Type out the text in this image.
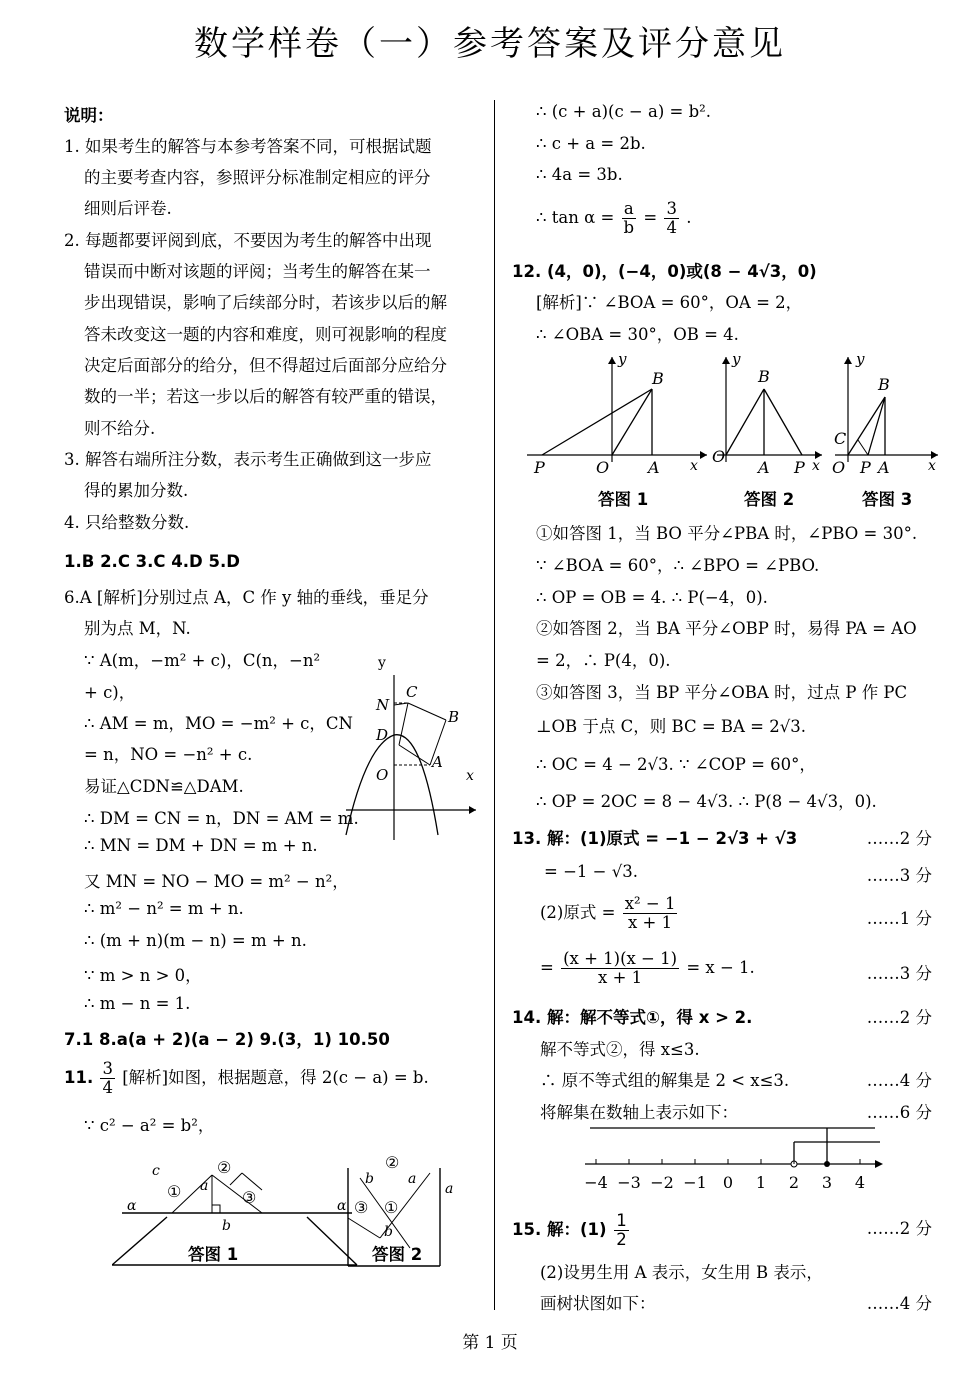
数学样卷（一）参考答案及评分意见
说明：
1. 如果考生的解答与本参考答案不同，可根据试题
的主要考查内容，参照评分标准制定相应的评分
细则后评卷.
2. 每题都要评阅到底，不要因为考生的解答中出现
错误而中断对该题的评阅；当考生的解答在某一
步出现错误，影响了后续部分时，若该步以后的解
答未改变这一题的内容和难度，则可视影响的程度
决定后面部分的给分，但不得超过后面部分应给分
数的一半；若这一步以后的解答有较严重的错误，
则不给分.
3. 解答右端所注分数，表示考生正确做到这一步应
得的累加分数.
4. 只给整数分数.
1.B 2.C 3.C 4.D 5.D
6.A [解析]分别过点 A，C 作 y 轴的垂线，垂足分
别为点 M，N.
∵ A(m，−m² + c)，C(n，−n²
+ c)，
∴ AM = m，MO = −m² + c，CN
= n，NO = −n² + c.
易证△CDN≌△DAM.
∴ DM = CN = n，DN = AM = m.
∴ MN = DM + DN = m + n.
又 MN = NO − MO = m² − n²，
∴ m² − n² = m + n.
∴ (m + n)(m − n) = m + n.
∵ m > n > 0，
∴ m − n = 1.
y
N
C
B
D
A
O	x
7.1 8.a(a + 2)(a − 2) 9.(3，1) 10.50
11. $\frac{3}{4}$ [解析]如图，根据题意，得 2(c − a) = b.
∵ c² − a² = b²，
c
① a
②
③
α
b
α
答图 1
b
②
a
③ ①
a
b
答图 2
∴ (c + a)(c − a) = b².
∴ c + a = 2b.
∴ 4a = 3b.
∴ $\tan \alpha = \frac{a}{b} = \frac{3}{4}$ .
12. (4，0)，(−4，0)或(8 − 4√3，0)
[解析]∵ ∠BOA = 60°，OA = 2，
∴ ∠OBA = 30°，OB = 4.
y
B
P	O A x
答图 1
y
B
O
A P x
答图 2
y
B
C
O P A	x
答图 3
①如答图 1，当 BO 平分∠PBA 时，∠PBO = 30°.
∵ ∠BOA = 60°，∴ ∠BPO = ∠PBO.
∴ OP = OB = 4. ∴ P(−4，0).
②如答图 2，当 BA 平分∠OBP 时，易得 PA = AO
= 2，∴ P(4，0).
③如答图 3，当 BP 平分∠OBA 时，过点 P 作 PC
⊥OB 于点 C，则 BC = BA = 2√3.
∴ OC = 4 − 2√3. ∵ ∠COP = 60°，
∴ OP = 2OC = 8 − 4√3. ∴ P(8 − 4√3，0).
13. 解：(1)原式 = −1 − 2√3 + √3	……2 分
= −1 − √3.	……3 分
(2)原式 = $\frac{\text{x² − 1}}{x + 1}$	……1 分
= $\frac{(x + 1)(x - 1)}{x + 1} = x - 1$.	……3 分
14. 解：解不等式①，得 x > 2.	……2 分
解不等式②，得 x≤3.
∴ 原不等式组的解集是 2 < x≤3.	……4 分
将解集在数轴上表示如下：	……6 分
−4 −3 −2 −1 0 1 2 3 4
15. 解：$(1) \frac{1}{2}$	……2 分
(2)设男生用 A 表示，女生用 B 表示，
画树状图如下：	……4 分
第 1 页
